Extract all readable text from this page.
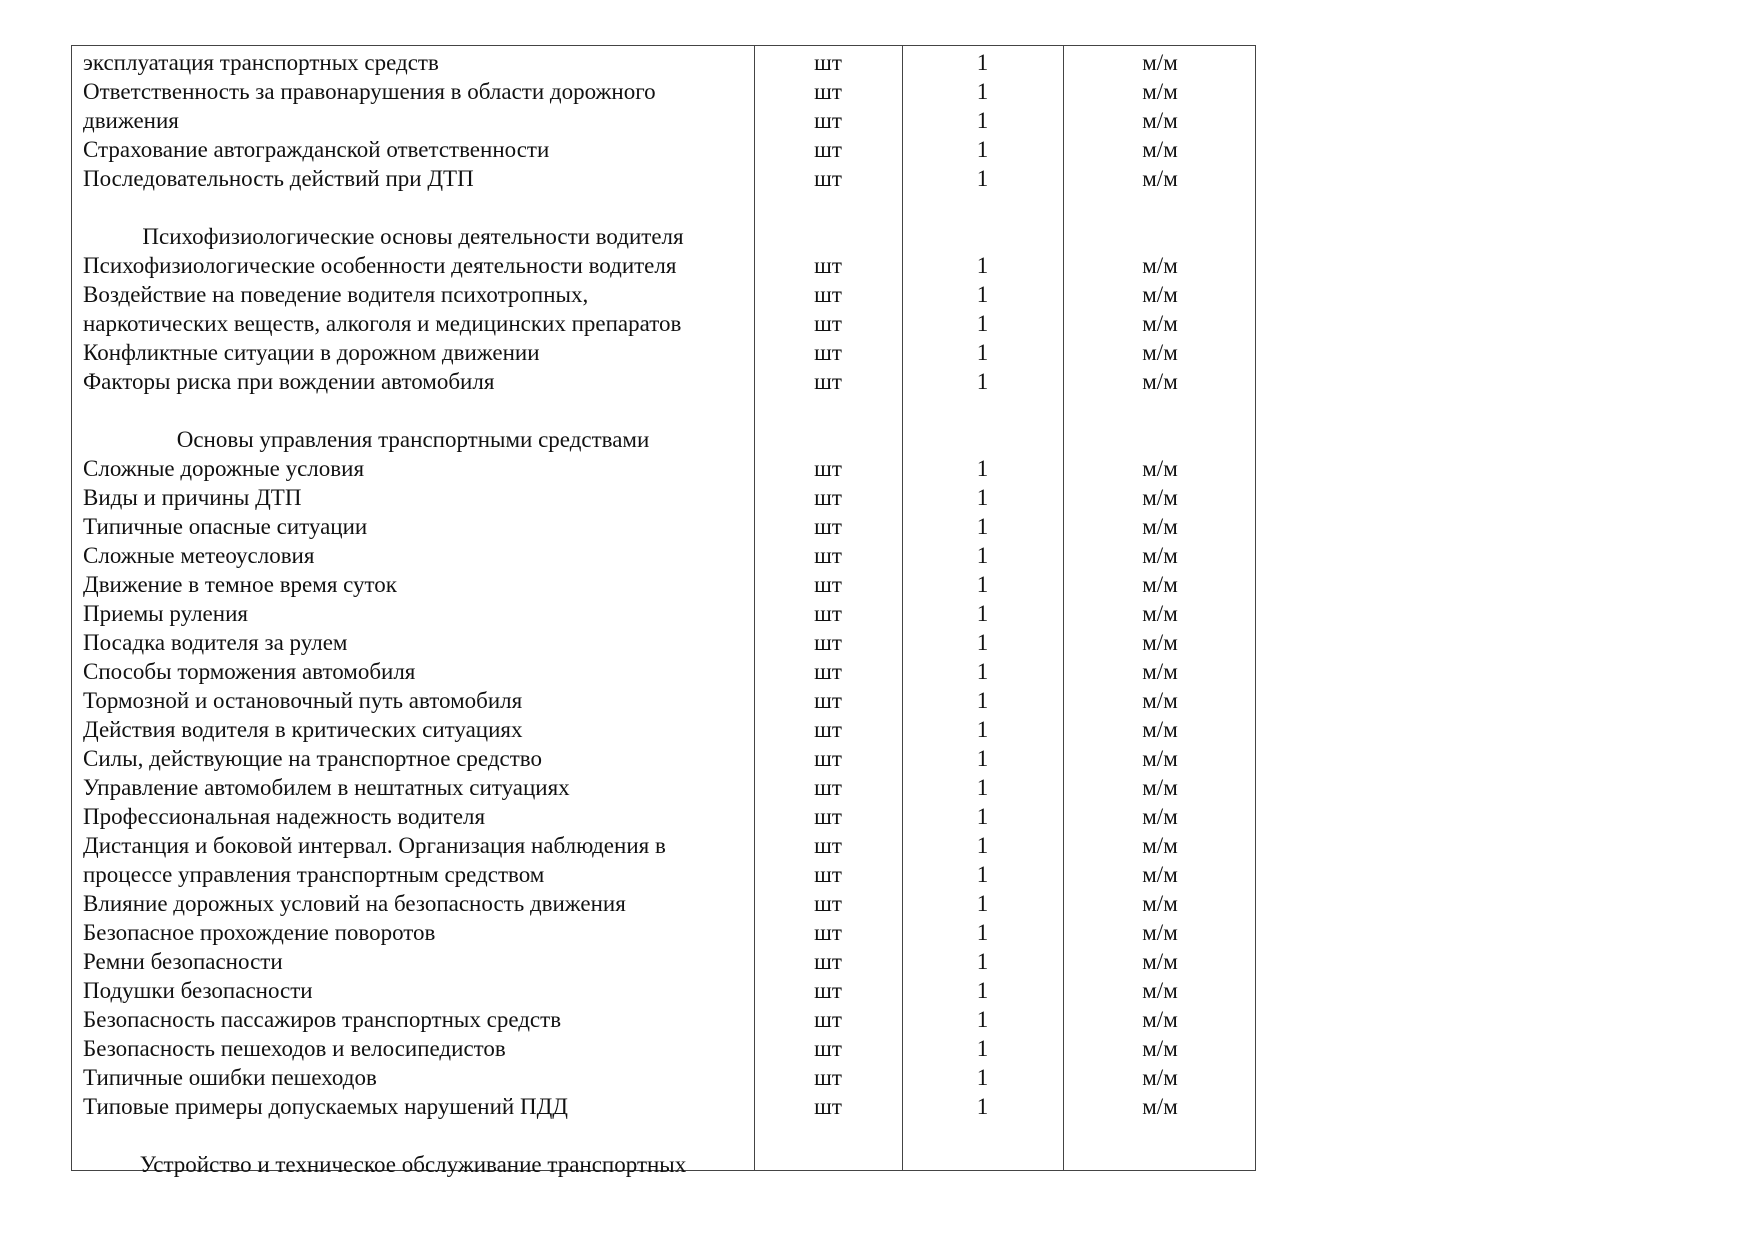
эксплуатация транспортных средств	шт	1	м/м
Ответственность за правонарушения в области дорожного	шт	1	м/м
движения	шт	1	м/м
Страхование автогражданской ответственности	шт	1	м/м
Последовательность действий при ДТП	шт	1	м/м
Психофизиологические основы деятельности водителя
Психофизиологические особенности деятельности водителя	шт	1	м/м
Воздействие на поведение водителя психотропных,	шт	1	м/м
наркотических веществ, алкоголя и медицинских препаратов	шт	1	м/м
Конфликтные ситуации в дорожном движении	шт	1	м/м
Факторы риска при вождении автомобиля	шт	1	м/м
Основы управления транспортными средствами
Сложные дорожные условия	шт	1	м/м
Виды и причины ДТП	шт	1	м/м
Типичные опасные ситуации	шт	1	м/м
Сложные метеоусловия	шт	1	м/м
Движение в темное время суток	шт	1	м/м
Приемы руления	шт	1	м/м
Посадка водителя за рулем	шт	1	м/м
Способы торможения автомобиля	шт	1	м/м
Тормозной и остановочный путь автомобиля	шт	1	м/м
Действия водителя в критических ситуациях	шт	1	м/м
Силы, действующие на транспортное средство	шт	1	м/м
Управление автомобилем в нештатных ситуациях	шт	1	м/м
Профессиональная надежность водителя	шт	1	м/м
Дистанция и боковой интервал. Организация наблюдения в	шт	1	м/м
процессе управления транспортным средством	шт	1	м/м
Влияние дорожных условий на безопасность движения	шт	1	м/м
Безопасное прохождение поворотов	шт	1	м/м
Ремни безопасности	шт	1	м/м
Подушки безопасности	шт	1	м/м
Безопасность пассажиров транспортных средств	шт	1	м/м
Безопасность пешеходов и велосипедистов	шт	1	м/м
Типичные ошибки пешеходов	шт	1	м/м
Типовые примеры допускаемых нарушений ПДД	шт	1	м/м
Устройство и техническое обслуживание транспортных
